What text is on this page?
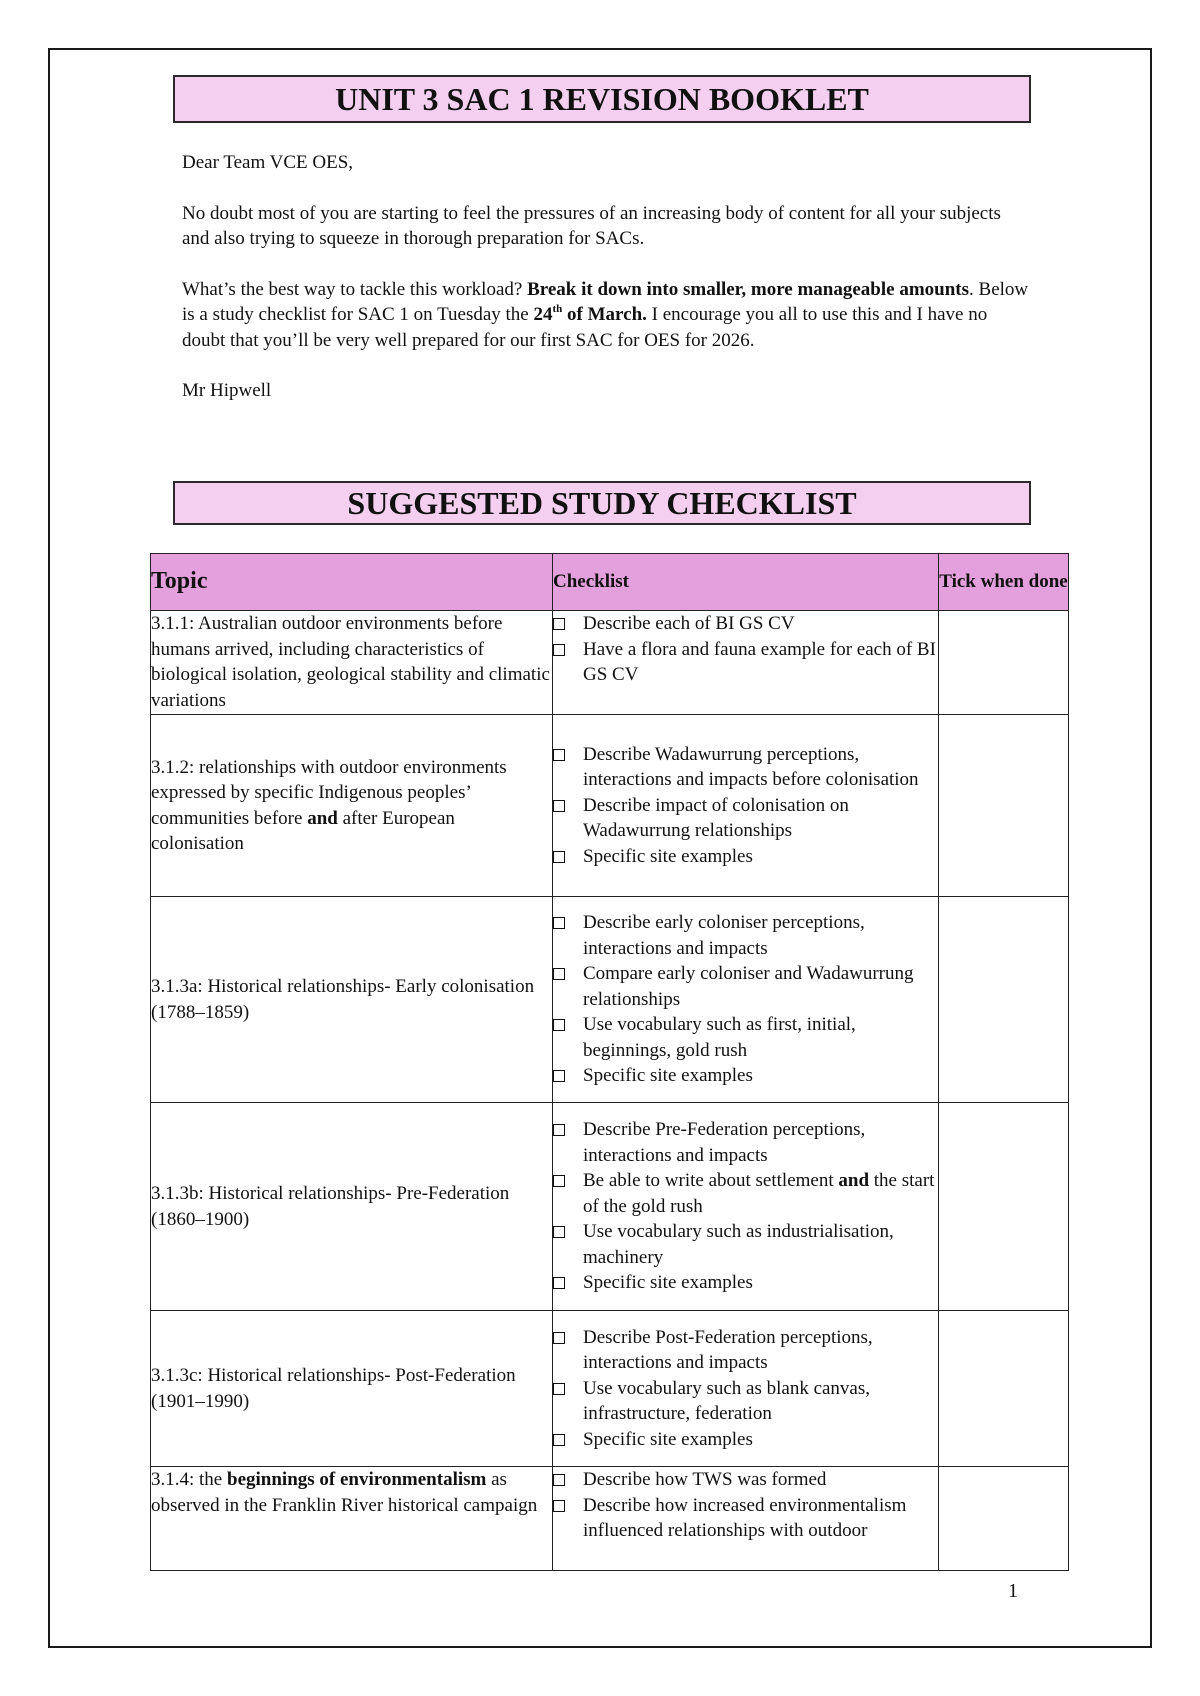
UNIT 3 SAC 1 REVISION BOOKLET

Dear Team VCE OES,

No doubt most of you are starting to feel the pressures of an increasing body of content for all your subjects and also trying to squeeze in thorough preparation for SACs.

What’s the best way to tackle this workload? Break it down into smaller, more manageable amounts. Below is a study checklist for SAC 1 on Tuesday the 24th of March. I encourage you all to use this and I have no doubt that you’ll be very well prepared for our first SAC for OES for 2026.

Mr Hipwell

SUGGESTED STUDY CHECKLIST
Topic	Checklist	Tick when done
3.1.1: Australian outdoor environments before humans arrived, including characteristics of biological isolation, geological stability and climatic variations	Describe each of BI GS CV
Have a flora and fauna example for each of BI GS CV	

3.1.2: relationships with outdoor environments expressed by specific Indigenous peoples’ communities before and after European colonisation	Describe Wadawurrung perceptions, interactions and impacts before colonisation
Describe impact of colonisation on Wadawurrung relationships
Specific site examples	

3.1.3a: Historical relationships- Early colonisation (1788–1859)	Describe early coloniser perceptions, interactions and impacts
Compare early coloniser and Wadawurrung relationships
Use vocabulary such as first, initial, beginnings, gold rush
Specific site examples	

3.1.3b: Historical relationships- Pre-Federation (1860–1900)	Describe Pre-Federation perceptions, interactions and impacts
Be able to write about settlement and the start of the gold rush
Use vocabulary such as industrialisation, machinery
Specific site examples	

3.1.3c: Historical relationships- Post-Federation (1901–1990)	Describe Post-Federation perceptions, interactions and impacts
Use vocabulary such as blank canvas, infrastructure, federation
Specific site examples	

3.1.4: the beginnings of environmentalism as observed in the Franklin River historical campaign	Describe how TWS was formed
Describe how increased environmentalism influenced relationships with outdoor	

1
